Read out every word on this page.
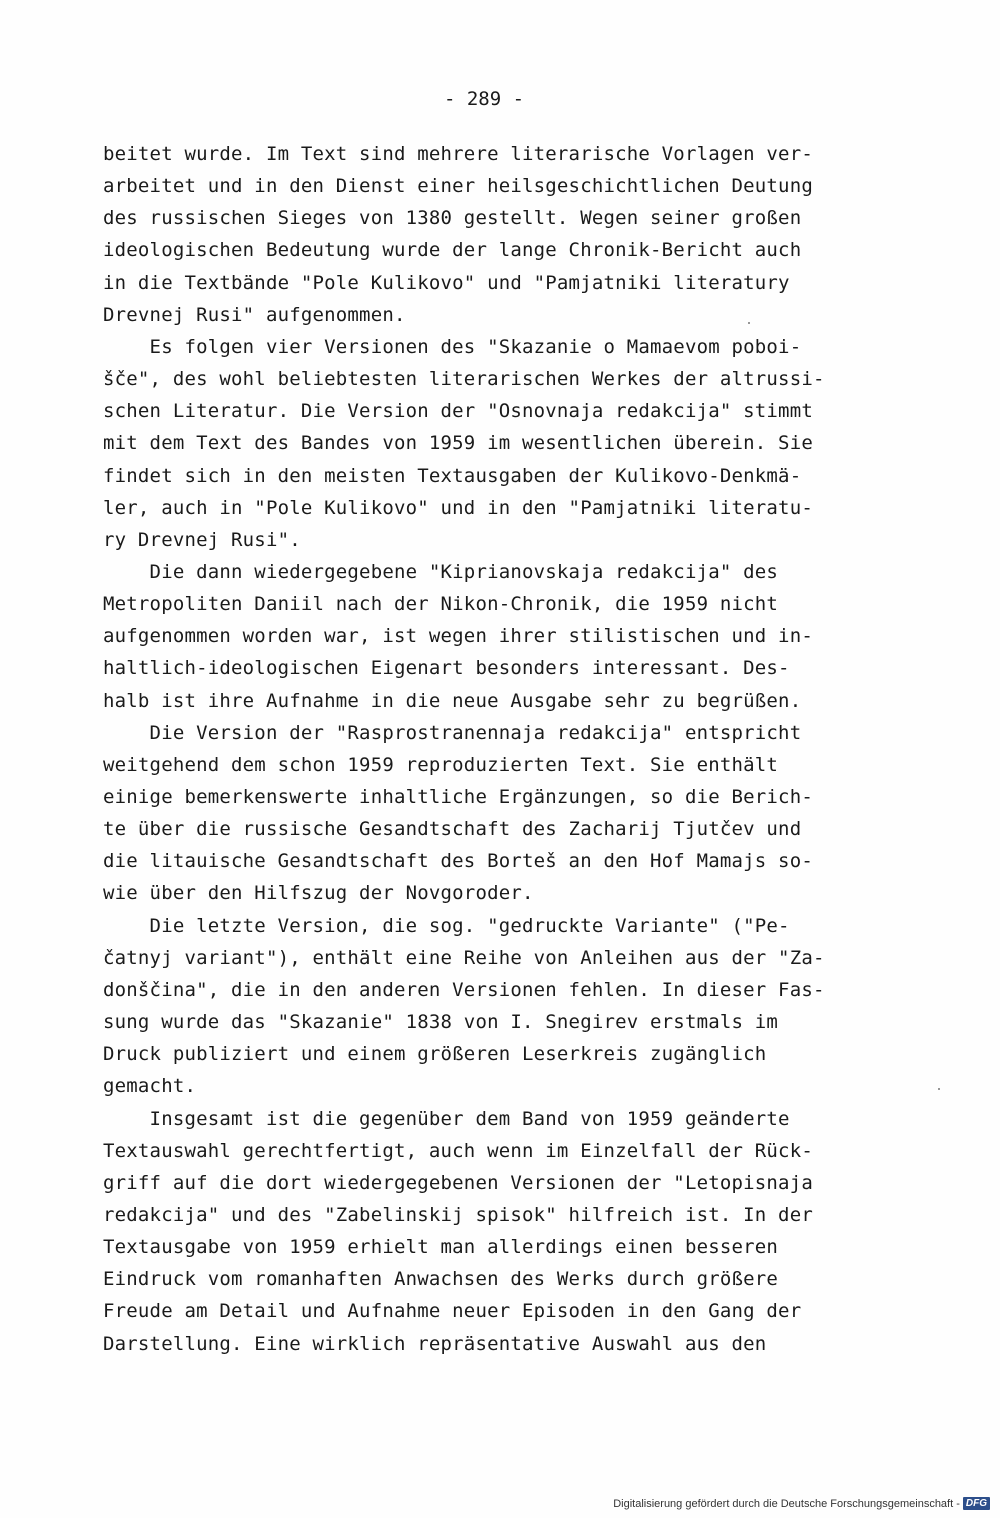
- 289 -
beitet wurde. Im Text sind mehrere literarische Vorlagen ver-
arbeitet und in den Dienst einer heilsgeschichtlichen Deutung
des russischen Sieges von 1380 gestellt. Wegen seiner großen
ideologischen Bedeutung wurde der lange Chronik-Bericht auch
in die Textbände "Pole Kulikovo" und "Pamjatniki literatury
Drevnej Rusi" aufgenommen.
Es folgen vier Versionen des "Skazanie o Mamaevom poboi-
šče", des wohl beliebtesten literarischen Werkes der altrussi-
schen Literatur. Die Version der "Osnovnaja redakcija" stimmt
mit dem Text des Bandes von 1959 im wesentlichen überein. Sie
findet sich in den meisten Textausgaben der Kulikovo-Denkmä-
ler, auch in "Pole Kulikovo" und in den "Pamjatniki literatu-
ry Drevnej Rusi".
Die dann wiedergegebene "Kiprianovskaja redakcija" des
Metropoliten Daniil nach der Nikon-Chronik, die 1959 nicht
aufgenommen worden war, ist wegen ihrer stilistischen und in-
haltlich-ideologischen Eigenart besonders interessant. Des-
halb ist ihre Aufnahme in die neue Ausgabe sehr zu begrüßen.
Die Version der "Rasprostranennaja redakcija" entspricht
weitgehend dem schon 1959 reproduzierten Text. Sie enthält
einige bemerkenswerte inhaltliche Ergänzungen, so die Berich-
te über die russische Gesandtschaft des Zacharij Tjutčev und
die litauische Gesandtschaft des Borteš an den Hof Mamajs so-
wie über den Hilfszug der Novgoroder.
Die letzte Version, die sog. "gedruckte Variante" ("Pe-
čatnyj variant"), enthält eine Reihe von Anleihen aus der "Za-
donščina", die in den anderen Versionen fehlen. In dieser Fas-
sung wurde das "Skazanie" 1838 von I. Snegirev erstmals im
Druck publiziert und einem größeren Leserkreis zugänglich
gemacht.
Insgesamt ist die gegenüber dem Band von 1959 geänderte
Textauswahl gerechtfertigt, auch wenn im Einzelfall der Rück-
griff auf die dort wiedergegebenen Versionen der "Letopisnaja
redakcija" und des "Zabelinskij spisok" hilfreich ist. In der
Textausgabe von 1959 erhielt man allerdings einen besseren
Eindruck vom romanhaften Anwachsen des Werks durch größere
Freude am Detail und Aufnahme neuer Episoden in den Gang der
Darstellung. Eine wirklich repräsentative Auswahl aus den
Digitalisierung gefördert durch die Deutsche Forschungsgemeinschaft - DFG
